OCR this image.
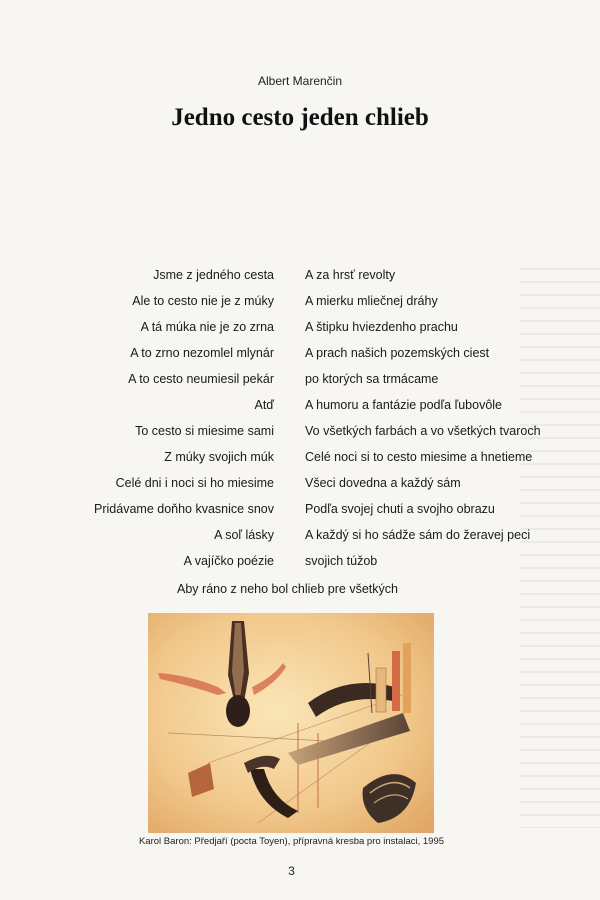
Albert Marenčin
Jedno cesto jeden chlieb
Jsme z jedného cesta A za hrsť revolty
Ale to cesto nie je z múky A mierku mliečnej dráhy
A tá múka nie je zo zrna A štipku hviezdenho prachu
A to zrno nezomlel mlynár A prach našich pozemských ciest
A to cesto neumiesil pekár po ktorých sa trmácame
Atď A humoru a fantázie podľa ľubovôle
To cesto si miesime sami Vo všetkých farbách a vo všetkých tvaroch
Z múky svojich múk Celé noci si to cesto miesime a hnetieme
Celé dni i noci si ho miesime Všeci dovedna a každý sám
Pridávame doňho kvasnice snov Podľa svojej chuti a svojho obrazu
A soľ lásky A každý si ho sádže sám do žeravej peci
A vajíčko poézie svojich túžob
Aby ráno z neho bol chlieb pre všetkých
Karol Baron: Předjaří (pocta Toyen), přípravná kresba pro instalaci, 1995
3
